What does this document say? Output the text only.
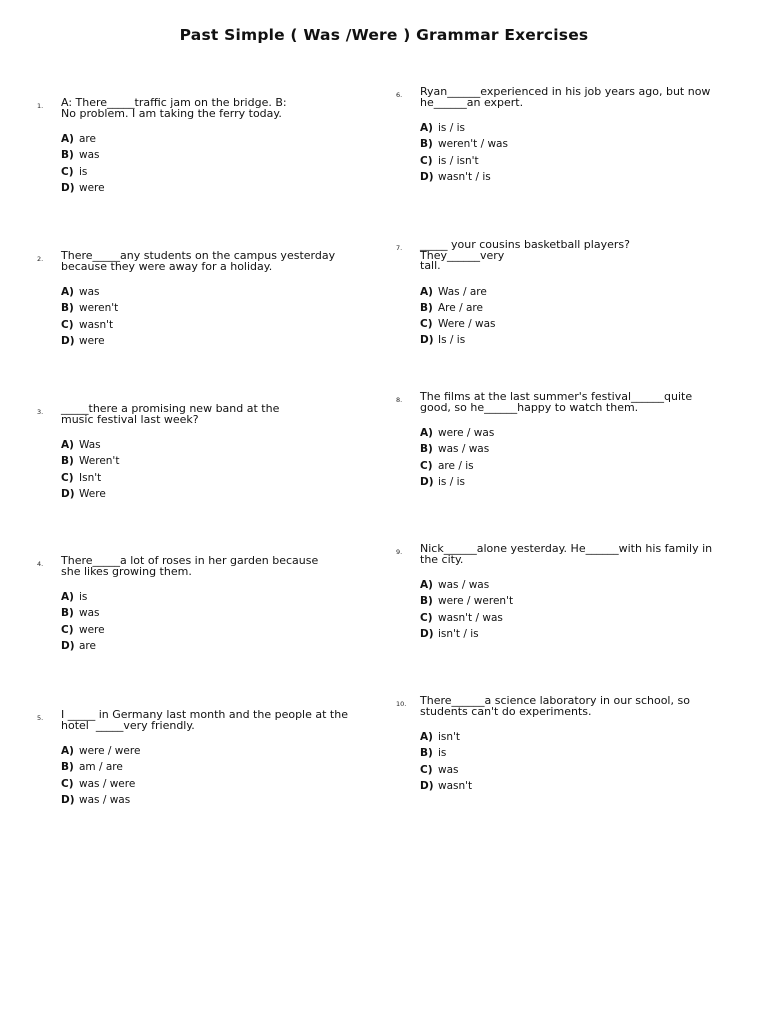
Past Simple ( Was /Were ) Grammar Exercises
1. A: There_____traffic jam on the bridge. B:
No problem. I am taking the ferry today.
A) are
B) was
C) is
D) were
2. There_____any students on the campus yesterday
because they were away for a holiday.
A) was
B) weren't
C) wasn't
D) were
3. _____there a promising new band at the
music festival last week?
A) Was
B) Weren't
C) Isn't
D) Were
4. There_____a lot of roses in her garden because
she likes growing them.
A) is
B) was
C) were
D) are
5. I _____ in Germany last month and the people at the
hotel  _____very friendly.
A) were / were
B) am / are
C) was / were
D) was / was
6. Ryan______experienced in his job years ago, but now
he______an expert.
A) is / is
B) weren't / was
C) is / isn't
D) wasn't / is
7. _____ your cousins basketball players? They______very
tall.
A) Was / are
B) Are / are
C) Were / was
D) Is / is
8. The films at the last summer's festival______quite
good, so he______happy to watch them.
A) were / was
B) was / was
C) are / is
D) is / is
9. Nick______alone yesterday. He______with his family in
the city.
A) was / was
B) were / weren't
C) wasn't / was
D) isn't / is
10. There______a science laboratory in our school, so
students can't do experiments.
A) isn't
B) is
C) was
D) wasn't
